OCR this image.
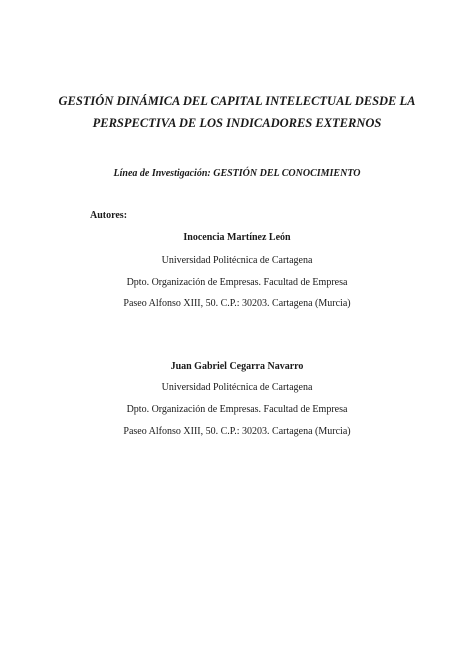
GESTIÓN DINÁMICA DEL CAPITAL INTELECTUAL DESDE LA
PERSPECTIVA DE LOS INDICADORES EXTERNOS
Línea de Investigación: GESTIÓN DEL CONOCIMIENTO
Autores:
Inocencia Martínez León
Universidad Politécnica de Cartagena
Dpto. Organización de Empresas. Facultad de Empresa
Paseo Alfonso XIII, 50. C.P.: 30203. Cartagena (Murcia)
Juan Gabriel Cegarra Navarro
Universidad Politécnica de Cartagena
Dpto. Organización de Empresas. Facultad de Empresa
Paseo Alfonso XIII, 50. C.P.: 30203. Cartagena (Murcia)
